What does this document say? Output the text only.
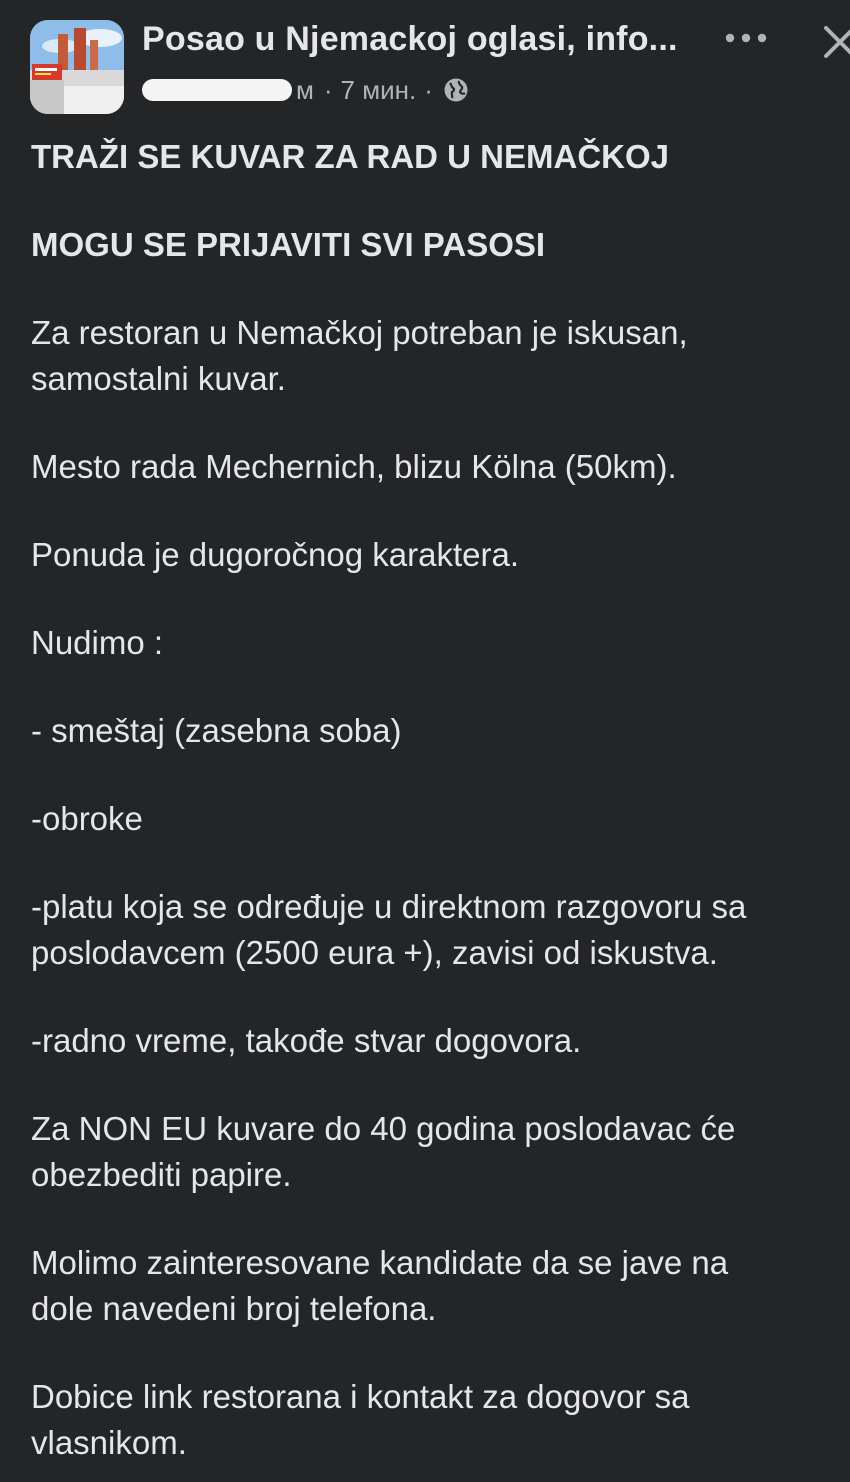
Posao u Njemackoj oglasi, info...
м · 7 мин. ·

TRAŽI SE KUVAR ZA RAD U NEMAČKOJ

MOGU SE PRIJAVITI SVI PASOSI

Za restoran u Nemačkoj potreban je iskusan,

samostalni kuvar.

Mesto rada Mechernich, blizu Kölna (50km).

Ponuda je dugoročnog karaktera.

Nudimo :

- smeštaj (zasebna soba)

-obroke

-platu koja se određuje u direktnom razgovoru sa

poslodavcem (2500 eura +), zavisi od iskustva.

-radno vreme, takođe stvar dogovora.

Za NON EU kuvare do 40 godina poslodavac će

obezbediti papire.

Molimo zainteresovane kandidate da se jave na

dole navedeni broj telefona.

Dobice link restorana i kontakt za dogovor sa

vlasnikom.
